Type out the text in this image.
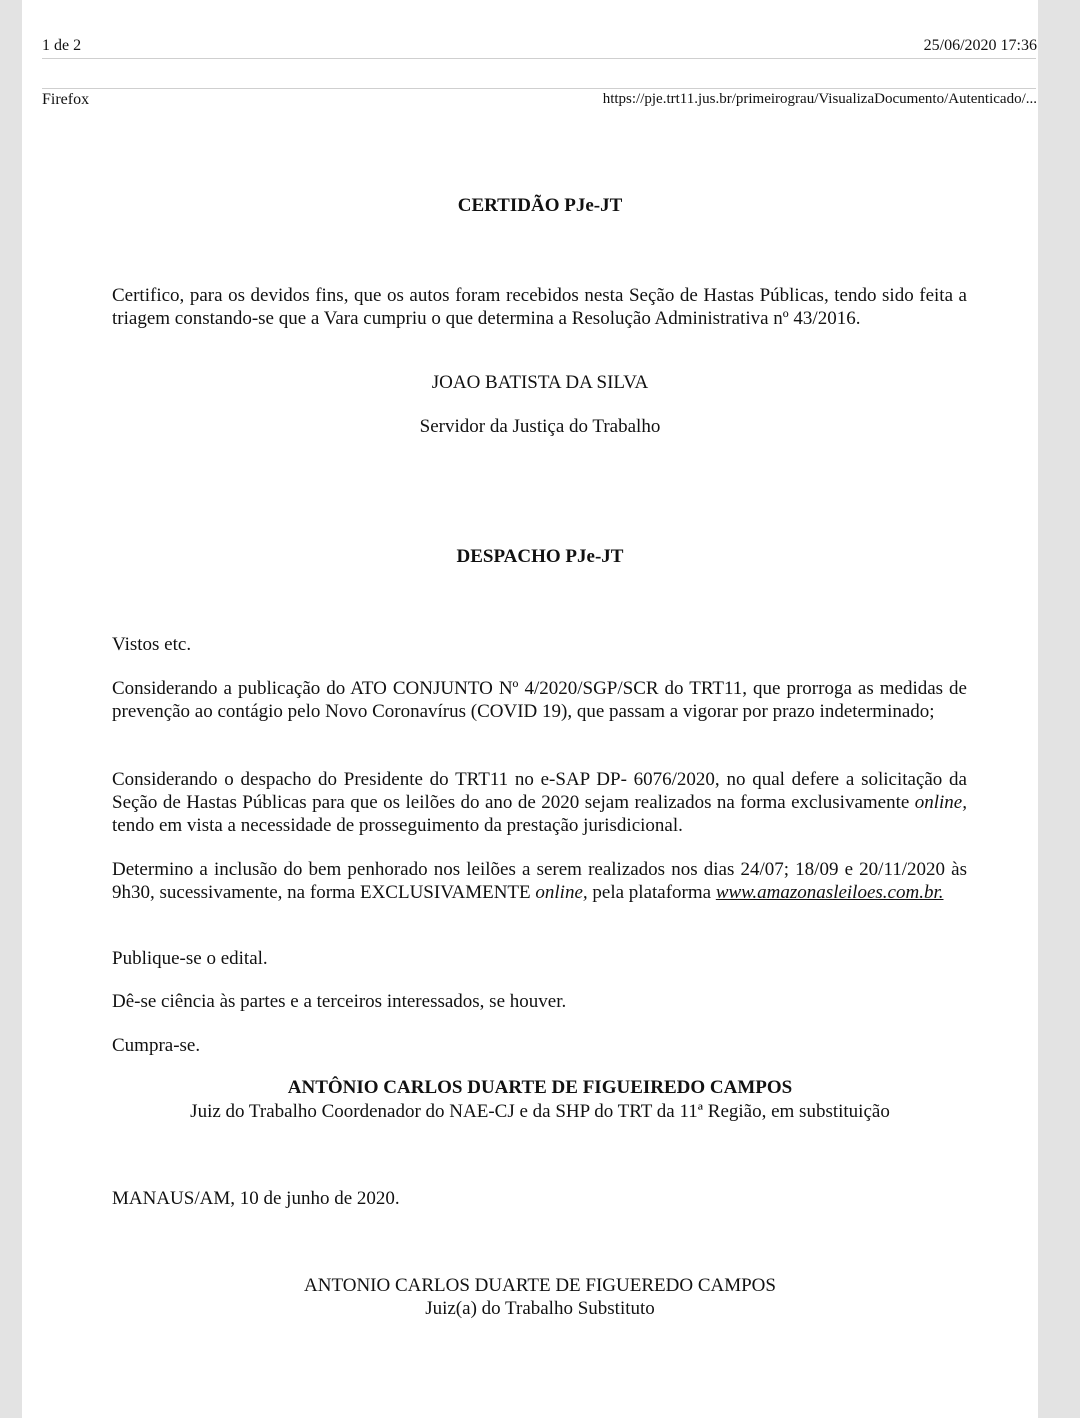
1 de 2	25/06/2020 17:36
Firefox	https://pje.trt11.jus.br/primeirograu/VisualizaDocumento/Autenticado/...
CERTIDÃO PJe-JT
Certifico, para os devidos fins, que os autos foram recebidos nesta Seção de Hastas Públicas, tendo sido feita a triagem constando-se que a Vara cumpriu o que determina a Resolução Administrativa nº 43/2016.
JOAO BATISTA DA SILVA
Servidor da Justiça do Trabalho
DESPACHO PJe-JT
Vistos etc.
Considerando a publicação do ATO CONJUNTO Nº 4/2020/SGP/SCR do TRT11, que prorroga as medidas de prevenção ao contágio pelo Novo Coronavírus (COVID 19), que passam a vigorar por prazo indeterminado;
Considerando o despacho do Presidente do TRT11 no e-SAP DP- 6076/2020, no qual defere a solicitação da Seção de Hastas Públicas para que os leilões do ano de 2020 sejam realizados na forma exclusivamente online, tendo em vista a necessidade de prosseguimento da prestação jurisdicional.
Determino a inclusão do bem penhorado nos leilões a serem realizados nos dias 24/07; 18/09 e 20/11/2020 às 9h30, sucessivamente, na forma EXCLUSIVAMENTE online, pela plataforma www.amazonasleiloes.com.br.
Publique-se o edital.
Dê-se ciência às partes e a terceiros interessados, se houver.
Cumpra-se.
ANTÔNIO CARLOS DUARTE DE FIGUEIREDO CAMPOS
Juiz do Trabalho Coordenador do NAE-CJ e da SHP do TRT da 11ª Região, em substituição
MANAUS/AM, 10 de junho de 2020.
ANTONIO CARLOS DUARTE DE FIGUEREDO CAMPOS
Juiz(a) do Trabalho Substituto
